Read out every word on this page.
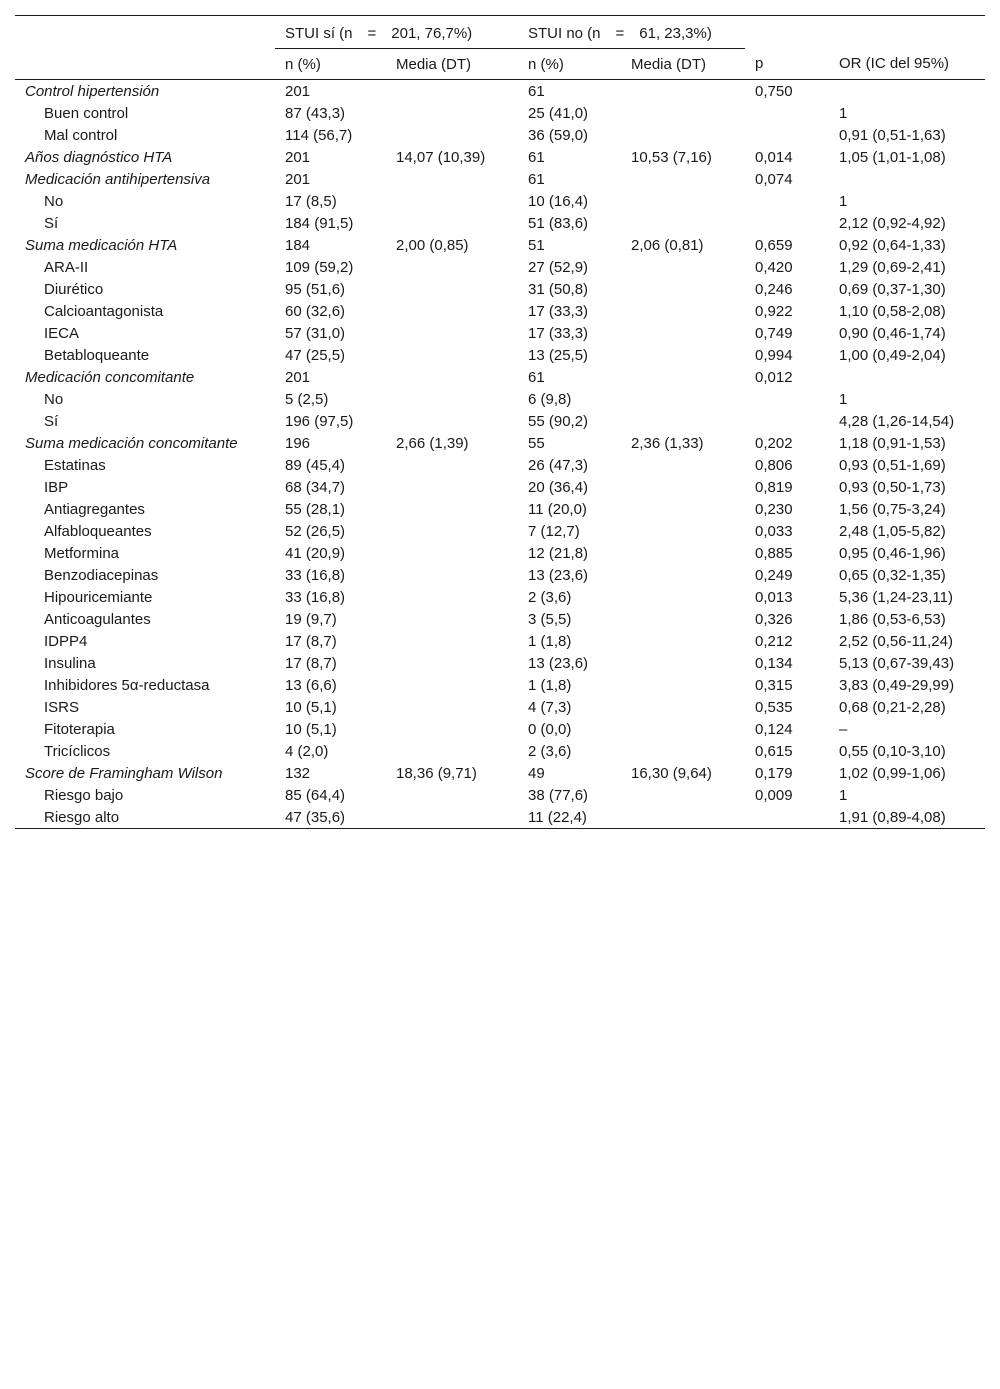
	STUI sí (n = 201, 76,7%)		STUI no (n = 61, 23,3%)			
	n (%)	Media (DT)	n (%)	Media (DT)	p	OR (IC del 95%)
Control hipertensión	201		61		0,750	
Buen control	87 (43,3)		25 (41,0)			1
Mal control	114 (56,7)		36 (59,0)			0,91 (0,51-1,63)
Años diagnóstico HTA	201	14,07 (10,39)	61	10,53 (7,16)	0,014	1,05 (1,01-1,08)
Medicación antihipertensiva	201		61		0,074	
No	17 (8,5)		10 (16,4)			1
Sí	184 (91,5)		51 (83,6)			2,12 (0,92-4,92)
Suma medicación HTA	184	2,00 (0,85)	51	2,06 (0,81)	0,659	0,92 (0,64-1,33)
ARA-II	109 (59,2)		27 (52,9)		0,420	1,29 (0,69-2,41)
Diurético	95 (51,6)		31 (50,8)		0,246	0,69 (0,37-1,30)
Calcioantagonista	60 (32,6)		17 (33,3)		0,922	1,10 (0,58-2,08)
IECA	57 (31,0)		17 (33,3)		0,749	0,90 (0,46-1,74)
Betabloqueante	47 (25,5)		13 (25,5)		0,994	1,00 (0,49-2,04)
Medicación concomitante	201		61		0,012	
No	5 (2,5)		6 (9,8)			1
Sí	196 (97,5)		55 (90,2)			4,28 (1,26-14,54)
Suma medicación concomitante	196	2,66 (1,39)	55	2,36 (1,33)	0,202	1,18 (0,91-1,53)
Estatinas	89 (45,4)		26 (47,3)		0,806	0,93 (0,51-1,69)
IBP	68 (34,7)		20 (36,4)		0,819	0,93 (0,50-1,73)
Antiagregantes	55 (28,1)		11 (20,0)		0,230	1,56 (0,75-3,24)
Alfabloqueantes	52 (26,5)		7 (12,7)		0,033	2,48 (1,05-5,82)
Metformina	41 (20,9)		12 (21,8)		0,885	0,95 (0,46-1,96)
Benzodiacepinas	33 (16,8)		13 (23,6)		0,249	0,65 (0,32-1,35)
Hipouricemiante	33 (16,8)		2 (3,6)		0,013	5,36 (1,24-23,11)
Anticoagulantes	19 (9,7)		3 (5,5)		0,326	1,86 (0,53-6,53)
IDPP4	17 (8,7)		1 (1,8)		0,212	2,52 (0,56-11,24)
Insulina	17 (8,7)		13 (23,6)		0,134	5,13 (0,67-39,43)
Inhibidores 5α-reductasa	13 (6,6)		1 (1,8)		0,315	3,83 (0,49-29,99)
ISRS	10 (5,1)		4 (7,3)		0,535	0,68 (0,21-2,28)
Fitoterapia	10 (5,1)		0 (0,0)		0,124	–
Tricíclicos	4 (2,0)		2 (3,6)		0,615	0,55 (0,10-3,10)
Score de Framingham Wilson	132	18,36 (9,71)	49	16,30 (9,64)	0,179	1,02 (0,99-1,06)
Riesgo bajo	85 (64,4)		38 (77,6)		0,009	1
Riesgo alto	47 (35,6)		11 (22,4)			1,91 (0,89-4,08)
